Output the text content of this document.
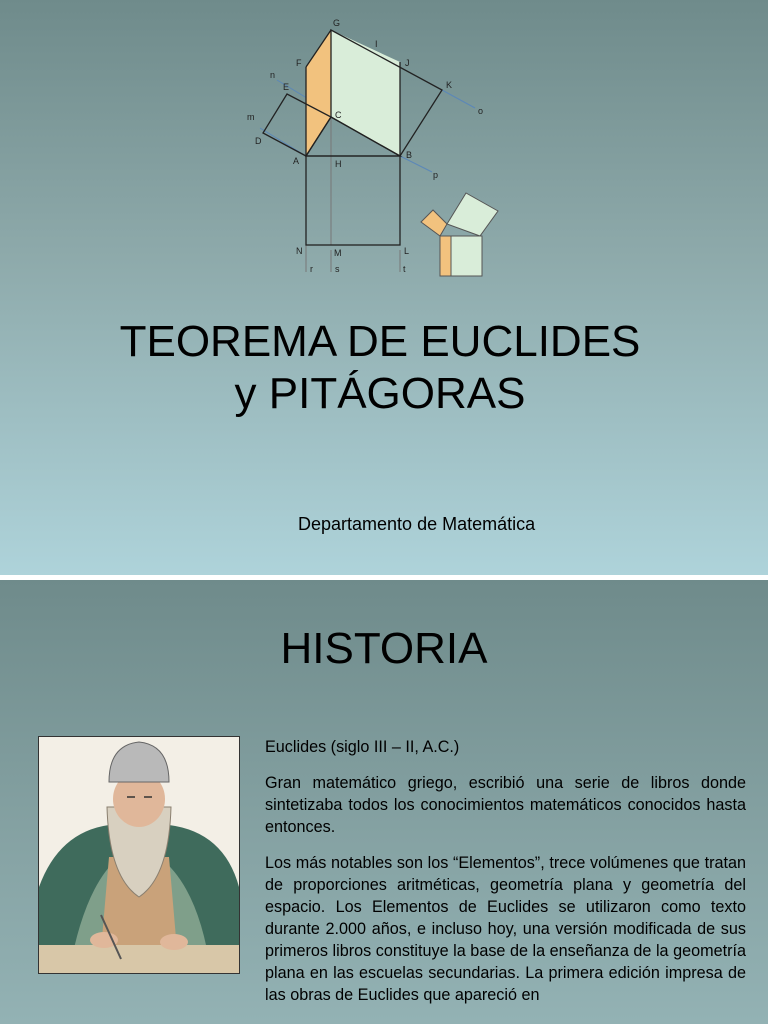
G
F
I
J
K
n
E
o
m	C
D
A	H
B
p
N	M	L
r s	t
TEOREMA DE EUCLIDES
y PITÁGORAS
Departamento de Matemática
HISTORIA

Euclides (siglo III – II, A.C.)

Gran matemático griego, escribió una serie de libros donde sintetizaba todos los conocimientos matemáticos conocidos hasta entonces.

Los más notables son los “Elementos”, trece volúmenes que tratan de proporciones aritméticas, geometría plana y geometría del espacio. Los Elementos de Euclides se utilizaron como texto durante 2.000 años, e incluso hoy, una versión modificada de sus primeros libros constituye la base de la enseñanza de la geometría plana en las escuelas secundarias. La primera edición impresa de las obras de Euclides que apareció en
